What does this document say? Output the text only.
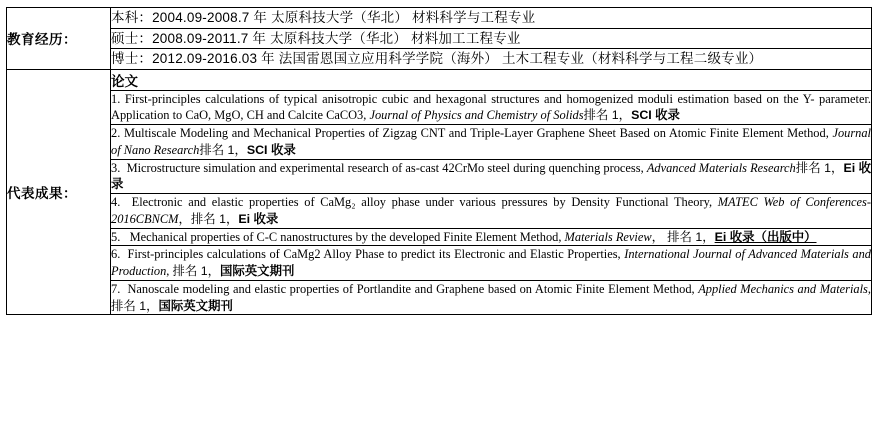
教育经历：	
本科：2004.09-2008.7 年 太原科技大学（华北） 材料科学与工程专业
硕士：2008.09-2011.7 年 太原科技大学（华北） 材料加工工程专业
博士：2012.09-2016.03 年 法国雷恩国立应用科学学院（海外） 土木工程专业（材料科学与工程二级专业）

代表成果：	
论文
1. First-principles calculations of typical anisotropic cubic and hexagonal structures and homogenized moduli estimation based on the Y- parameter. Application to CaO, MgO, CH and Calcite CaCO3, Journal of Physics and Chemistry of Solids排名 1，SCI 收录
2. Multiscale Modeling and Mechanical Properties of Zigzag CNT and Triple-Layer Graphene Sheet Based on Atomic Finite Element Method, Journal of Nano Research排名 1，SCI 收录
3. Microstructure simulation and experimental research of as-cast 42CrMo steel during quenching process, Advanced Materials Research排名 1，Ei 收录
4. Electronic and elastic properties of CaMg₂ alloy phase under various pressures by Density Functional Theory, MATEC Web of Conferences-2016CBNCM，排名 1，Ei 收录
5. Mechanical properties of C-C nanostructures by the developed Finite Element Method, Materials Review， 排名 1，Ei 收录（出版中）
6. First-principles calculations of CaMg2 Alloy Phase to predict its Electronic and Elastic Properties, International Journal of Advanced Materials and Production, 排名 1，国际英文期刊
7. Nanoscale modeling and elastic properties of Portlandite and Graphene based on Atomic Finite Element Method, Applied Mechanics and Materials,排名 1，国际英文期刊
